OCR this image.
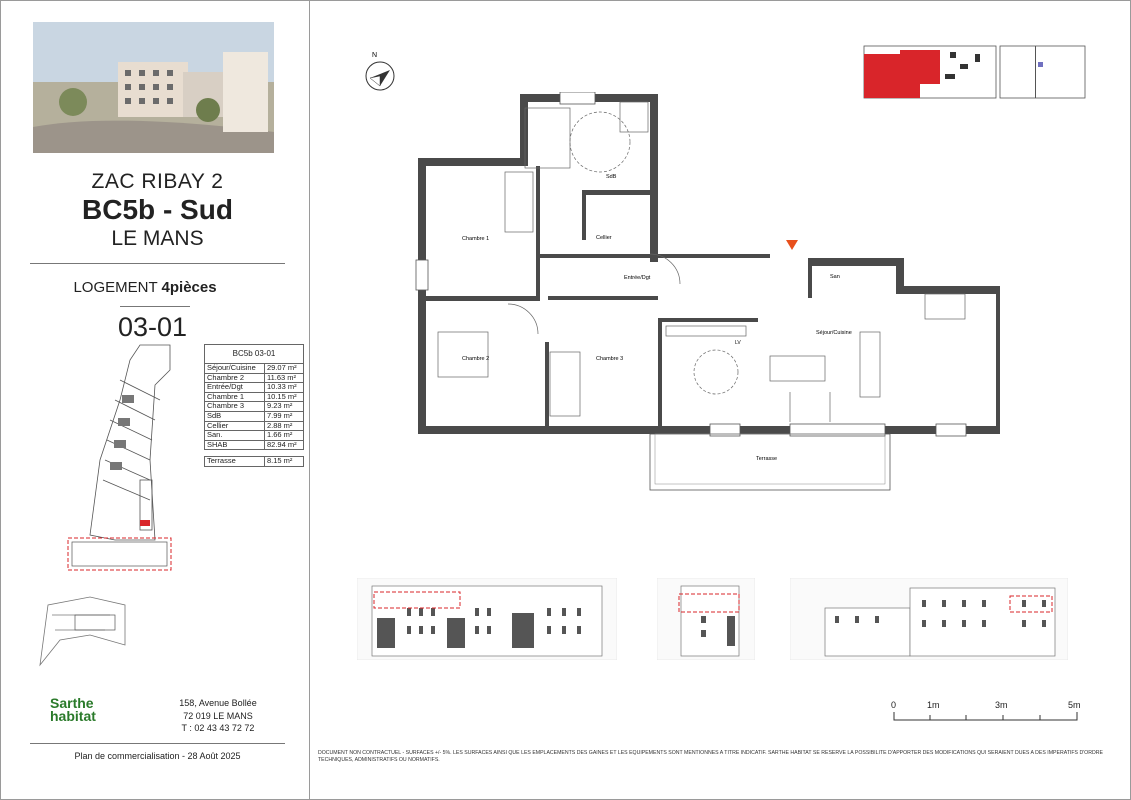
ZAC RIBAY 2
BC5b - Sud
LE MANS
LOGEMENT 4pièces
03-01
BC5b 03-01	
Séjour/Cuisine	29.07 m²
Chambre 2	11.63 m²
Entrée/Dgt	10.33 m²
Chambre 1	10.15 m²
Chambre 3	9.23 m²
SdB	7.99 m²
Cellier	2.88 m²
San.	1.66 m²
SHAB	82.94 m²

Terrasse	8.15 m²
Sarthe
habitat
158, Avenue Bollée
72 019 LE MANS
T : 02 43 43 72 72
Plan de commercialisation - 28 Août 2025
N
Chambre 1
Chambre 2	Chambre 3
SdB
Cellier
Entrée/Dgt	San
Séjour/Cuisine
Terrasse
LV
0	1m	3m	5m
DOCUMENT NON CONTRACTUEL - SURFACES +/- 5%. LES SURFACES AINSI QUE LES EMPLACEMENTS DES GAINES ET LES EQUIPEMENTS SONT MENTIONNES A TITRE INDICATIF. SARTHE HABITAT SE RESERVE LA POSSIBILITE D'APPORTER DES MODIFICATIONS QUI SERAIENT DUES A DES IMPERATIFS D'ORDRE TECHNIQUES, ADMINISTRATIFS OU NORMATIFS.
